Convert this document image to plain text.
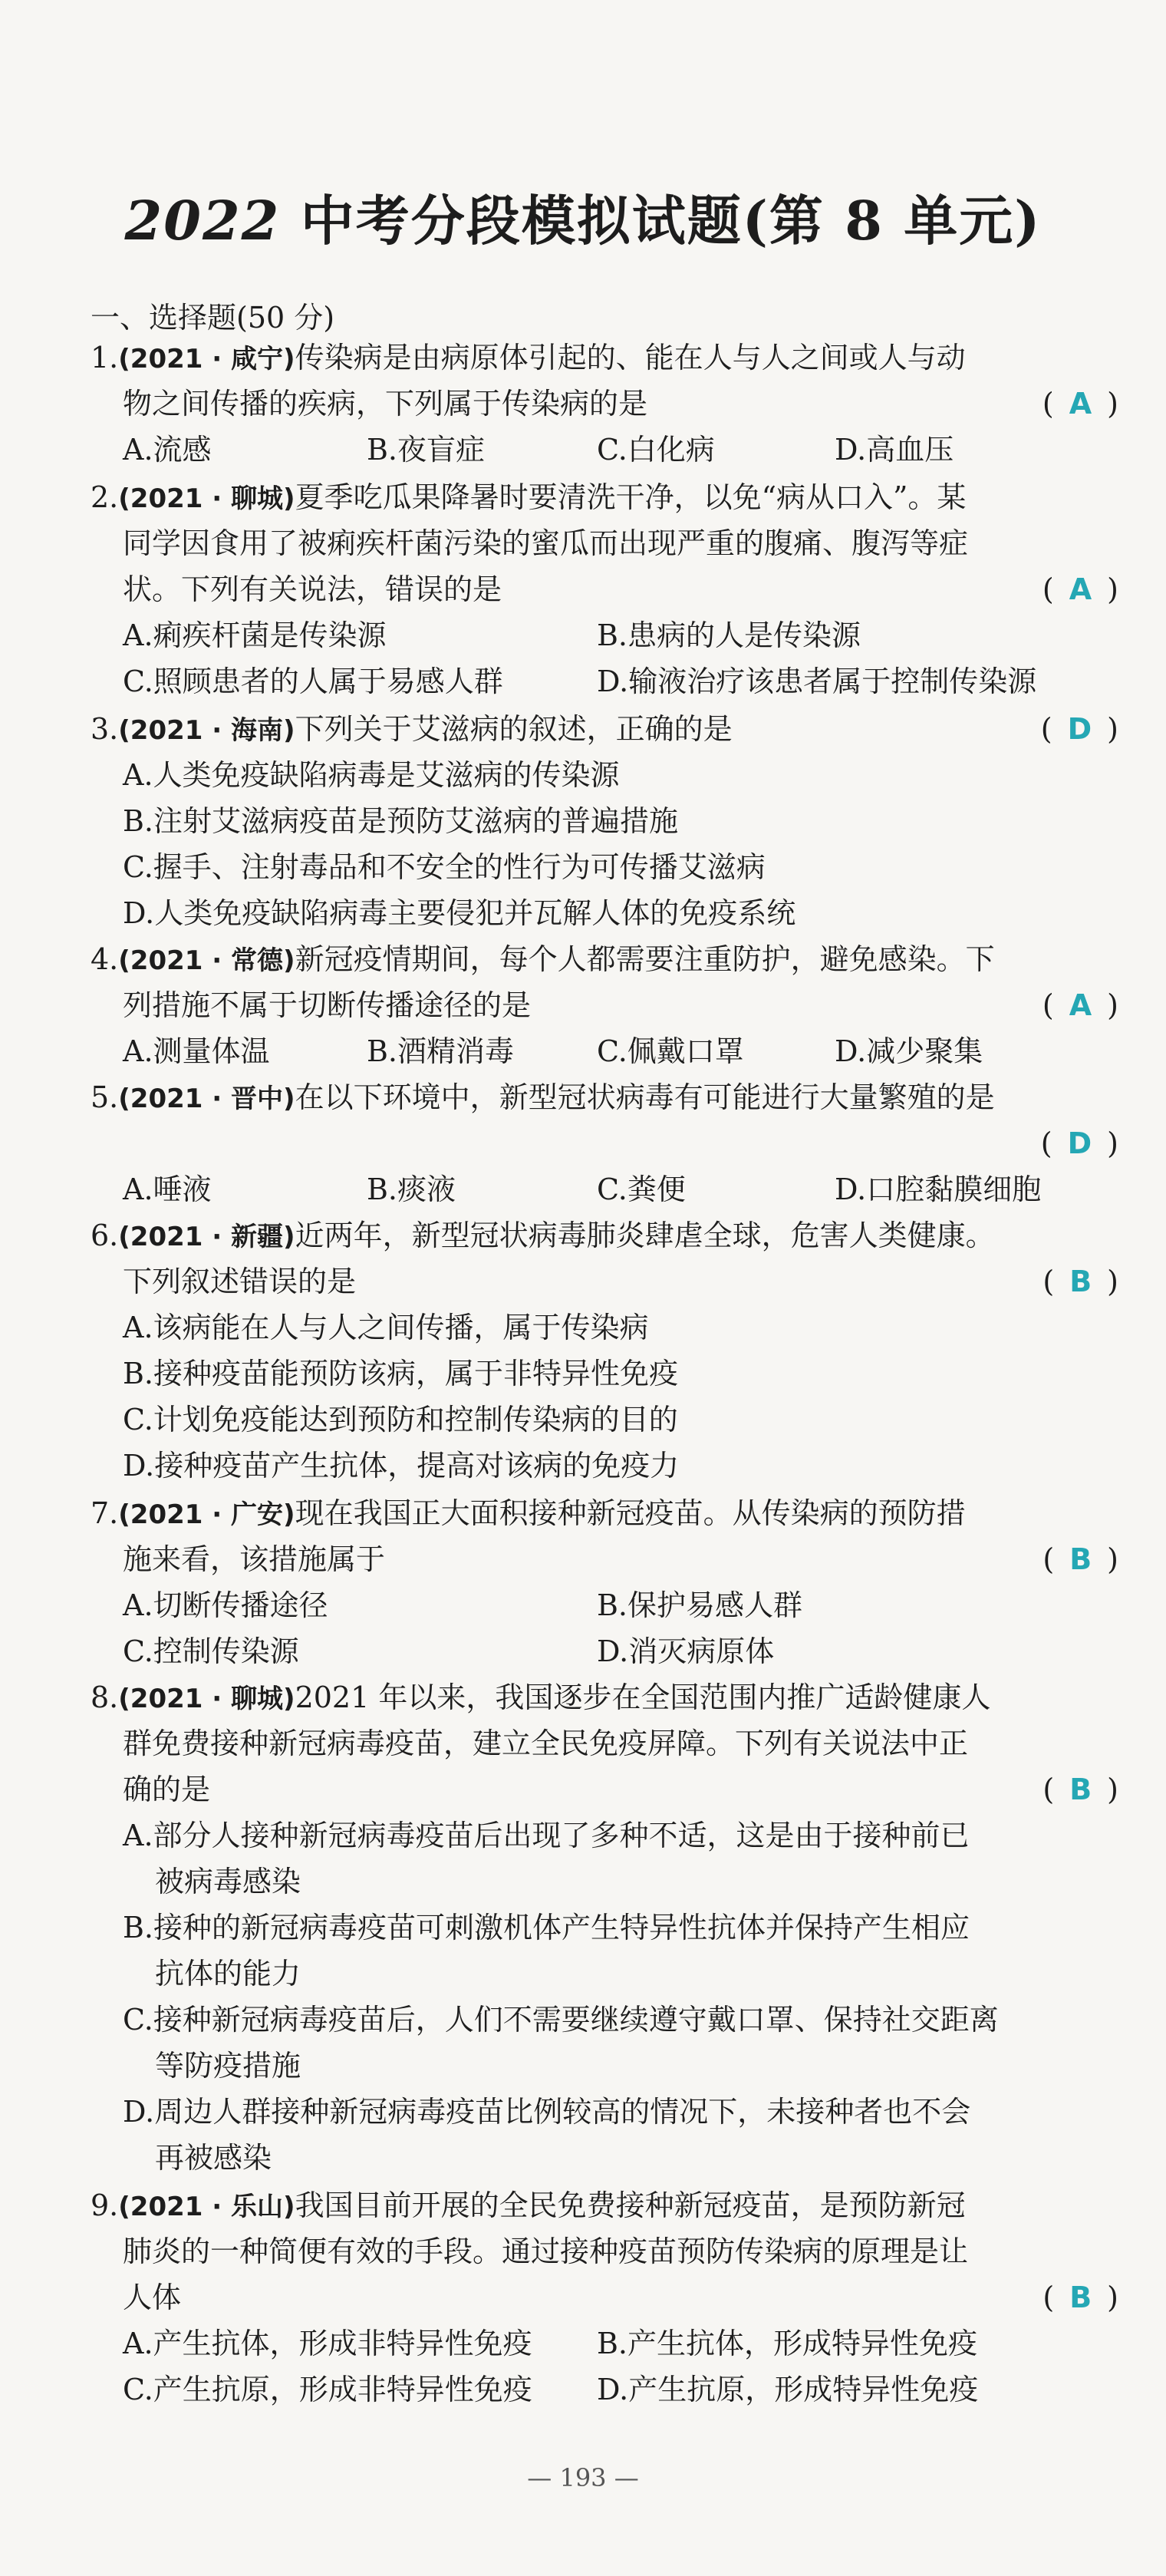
2022 中考分段模拟试题(第 8 单元)
一、选择题(50 分)
1.(2021 · 咸宁)传染病是由病原体引起的、能在人与人之间或人与动
物之间传播的疾病，下列属于传染病的是	( A )
A.流感	B.夜盲症	C.白化病	D.高血压
2.(2021 · 聊城)夏季吃瓜果降暑时要清洗干净，以免“病从口入”。某
同学因食用了被痢疾杆菌污染的蜜瓜而出现严重的腹痛、腹泻等症
状。下列有关说法，错误的是	( A )
A.痢疾杆菌是传染源	B.患病的人是传染源
C.照顾患者的人属于易感人群	D.输液治疗该患者属于控制传染源
3.(2021 · 海南)下列关于艾滋病的叙述，正确的是	( D )
A.人类免疫缺陷病毒是艾滋病的传染源
B.注射艾滋病疫苗是预防艾滋病的普遍措施
C.握手、注射毒品和不安全的性行为可传播艾滋病
D.人类免疫缺陷病毒主要侵犯并瓦解人体的免疫系统
4.(2021 · 常德)新冠疫情期间，每个人都需要注重防护，避免感染。下
列措施不属于切断传播途径的是	( A )
A.测量体温	B.酒精消毒	C.佩戴口罩	D.减少聚集
5.(2021 · 晋中)在以下环境中，新型冠状病毒有可能进行大量繁殖的是
( D )
A.唾液	B.痰液	C.粪便	D.口腔黏膜细胞
6.(2021 · 新疆)近两年，新型冠状病毒肺炎肆虐全球，危害人类健康。
下列叙述错误的是	( B )
A.该病能在人与人之间传播，属于传染病
B.接种疫苗能预防该病，属于非特异性免疫
C.计划免疫能达到预防和控制传染病的目的
D.接种疫苗产生抗体，提高对该病的免疫力
7.(2021 · 广安)现在我国正大面积接种新冠疫苗。从传染病的预防措
施来看，该措施属于	( B )
A.切断传播途径	B.保护易感人群
C.控制传染源	D.消灭病原体
8.(2021 · 聊城)2021 年以来，我国逐步在全国范围内推广适龄健康人
群免费接种新冠病毒疫苗，建立全民免疫屏障。下列有关说法中正
确的是	( B )
A.部分人接种新冠病毒疫苗后出现了多种不适，这是由于接种前已
被病毒感染
B.接种的新冠病毒疫苗可刺激机体产生特异性抗体并保持产生相应
抗体的能力
C.接种新冠病毒疫苗后，人们不需要继续遵守戴口罩、保持社交距离
等防疫措施
D.周边人群接种新冠病毒疫苗比例较高的情况下，未接种者也不会
再被感染
9.(2021 · 乐山)我国目前开展的全民免费接种新冠疫苗，是预防新冠
肺炎的一种简便有效的手段。通过接种疫苗预防传染病的原理是让
人体	( B )
A.产生抗体，形成非特异性免疫 B.产生抗体，形成特异性免疫
C.产生抗原，形成非特异性免疫 D.产生抗原，形成特异性免疫
— 193 —
